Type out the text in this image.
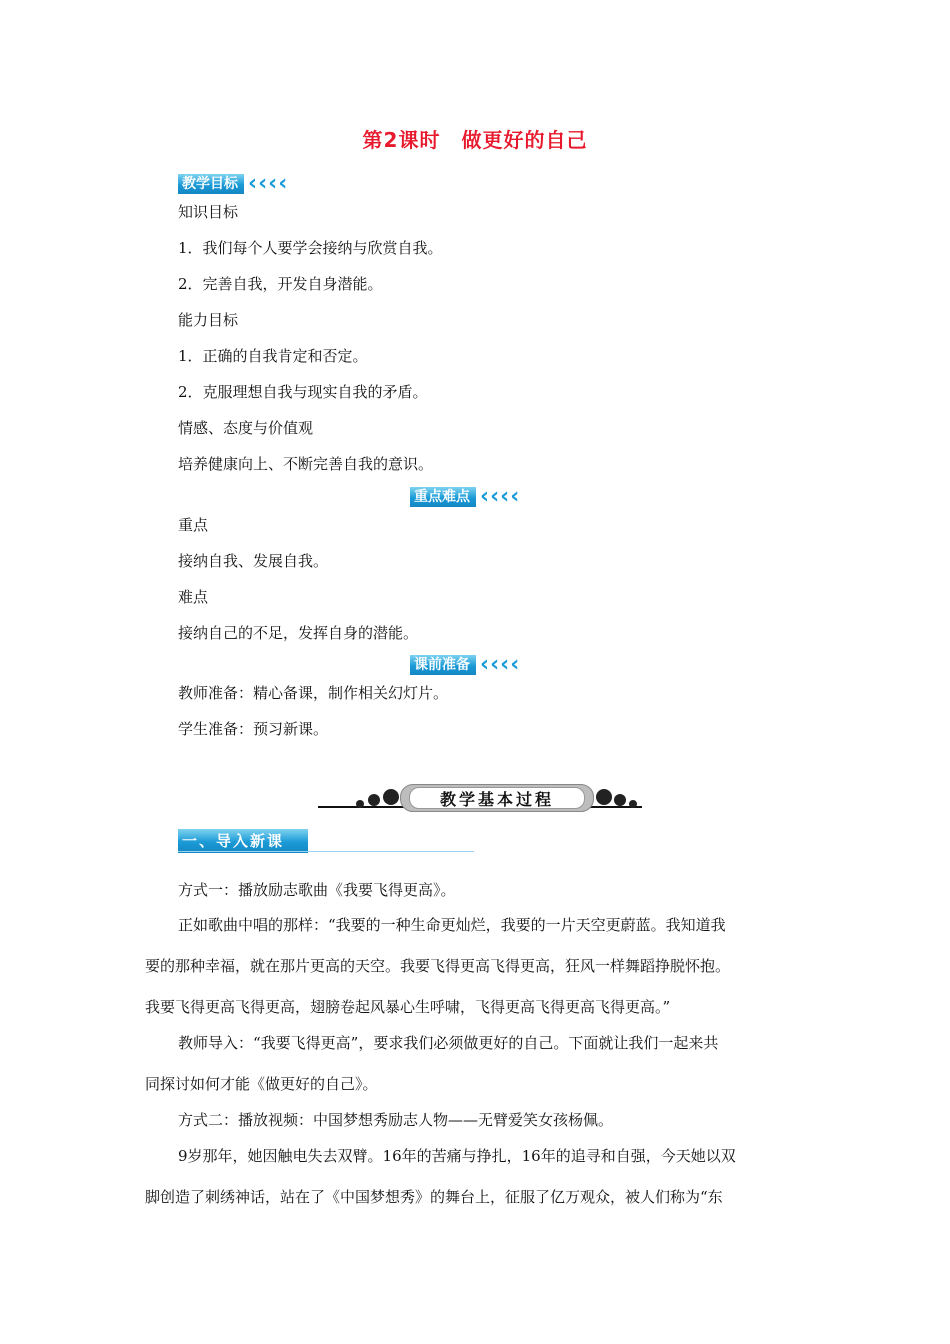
第2课时　做更好的自己
教学目标 ‹ ‹ ‹ ‹
知识目标
1．我们每个人要学会接纳与欣赏自我。
2．完善自我，开发自身潜能。
能力目标
1．正确的自我肯定和否定。
2．克服理想自我与现实自我的矛盾。
情感、态度与价值观
培养健康向上、不断完善自我的意识。
重点难点 ‹ ‹ ‹ ‹
重点
接纳自我、发展自我。
难点
接纳自己的不足，发挥自身的潜能。
课前准备 ‹ ‹ ‹ ‹
教师准备：精心备课，制作相关幻灯片。
学生准备：预习新课。
教学基本过程
一、导入新课
方式一：播放励志歌曲《我要飞得更高》。
正如歌曲中唱的那样：“我要的一种生命更灿烂，我要的一片天空更蔚蓝。我知道我
要的那种幸福，就在那片更高的天空。我要飞得更高飞得更高，狂风一样舞蹈挣脱怀抱。
我要飞得更高飞得更高，翅膀卷起风暴心生呼啸，飞得更高飞得更高飞得更高。”
教师导入：“我要飞得更高”，要求我们必须做更好的自己。下面就让我们一起来共
同探讨如何才能《做更好的自己》。
方式二：播放视频：中国梦想秀励志人物——无臂爱笑女孩杨佩。
9岁那年，她因触电失去双臂。16年的苦痛与挣扎，16年的追寻和自强，今天她以双
脚创造了刺绣神话，站在了《中国梦想秀》的舞台上，征服了亿万观众，被人们称为“东
